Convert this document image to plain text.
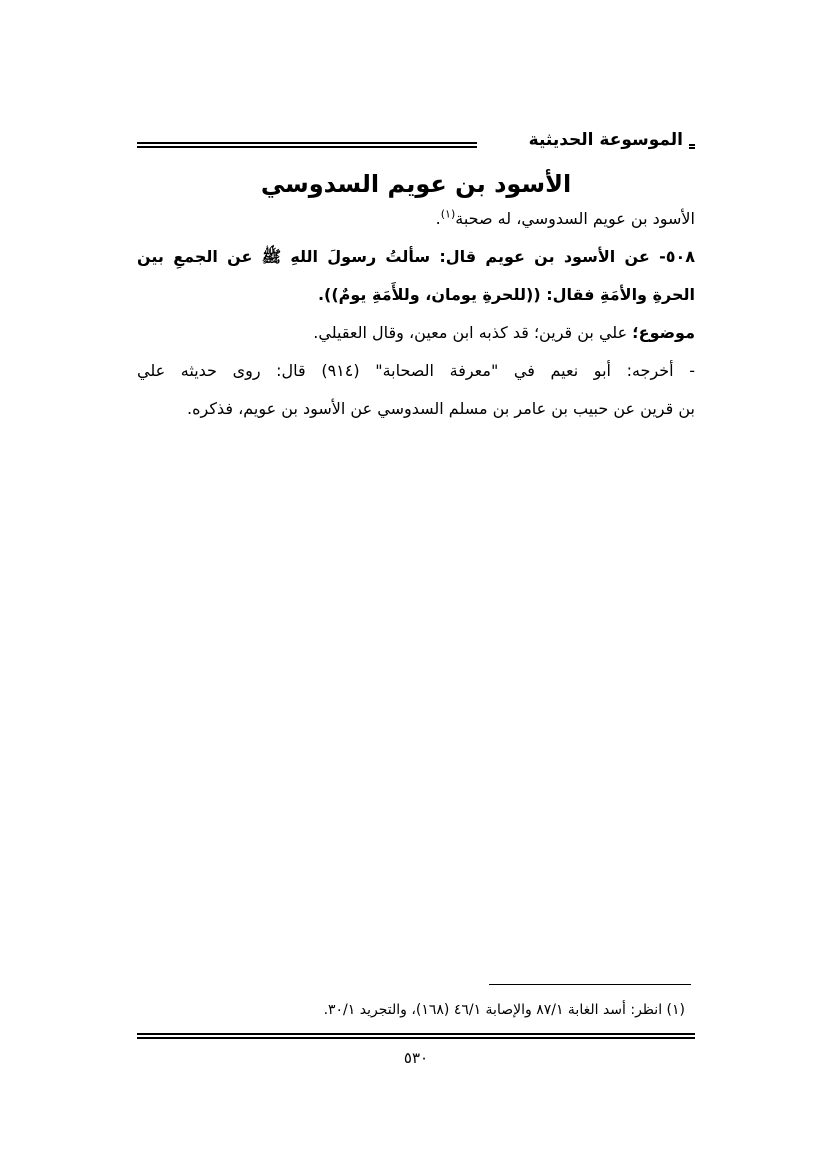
الموسوعة الحديثية
الأسود بن عويم السدوسي
الأسود بن عويم السدوسي، له صحبة$^{(١)}$.
٥٠٨- عن الأسود بن عويم قال: سألتُ رسولَ اللهِ ﷺ عن الجمعِ بين
الحرةِ والأمَةِ فقال: ((للحرةِ يومان، وللأَمَةِ يومٌ)).
موضوع؛ علي بن قرين؛ قد كذبه ابن معين، وقال العقيلي.
- أخرجه: أبو نعيم في "معرفة الصحابة" (٩١٤) قال: روى حديثه علي
بن قرين عن حبيب بن عامر بن مسلم السدوسي عن الأسود بن عويم، فذكره.
(١) انظر: أسد الغابة ٨٧/١ والإصابة ٤٦/١ (١٦٨)، والتجريد ٣٠/١.
٥٣٠
